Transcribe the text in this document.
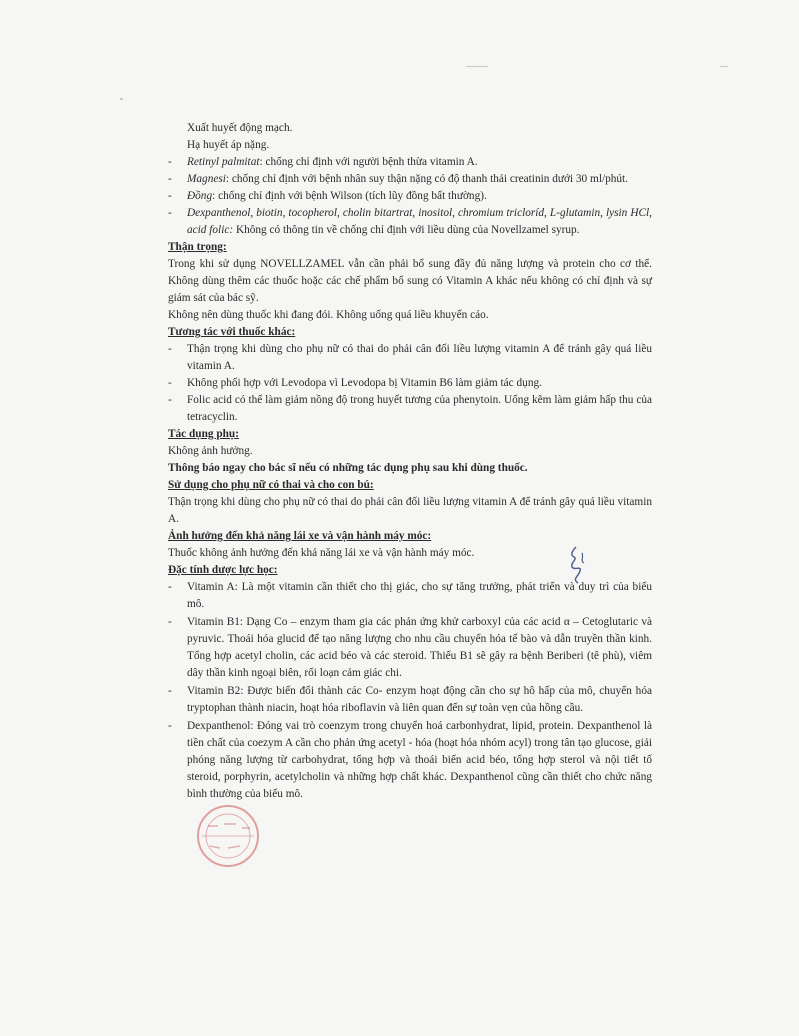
Xuất huyết động mạch.

Hạ huyết áp nặng.

- Retinyl palmitat: chống chỉ định với người bệnh thừa vitamin A.
- Magnesi: chống chỉ định với bệnh nhân suy thận nặng có độ thanh thải creatinin dưới 30 ml/phút.
- Đồng: chống chỉ định với bệnh Wilson (tích lũy đồng bất thường).
- Dexpanthenol, biotin, tocopherol, cholin bitartrat, inositol, chromium tricloríd, L-glutamin, lysin HCl, acid folic: Không có thông tin về chống chỉ định với liều dùng của Novellzamel syrup.

Thận trọng:

Trong khi sử dụng NOVELLZAMEL vẫn cần phải bổ sung đầy đủ năng lượng và protein cho cơ thể. Không dùng thêm các thuốc hoặc các chế phẩm bổ sung có Vitamin A khác nếu không có chỉ định và sự giám sát của bác sỹ.

Không nên dùng thuốc khi đang đói. Không uống quá liều khuyến cáo.

Tương tác với thuốc khác:

- Thận trọng khi dùng cho phụ nữ có thai do phải cân đối liều lượng vitamin A để tránh gây quá liều vitamin A.
- Không phối hợp với Levodopa vì Levodopa bị Vitamin B6 làm giảm tác dụng.
- Folic acid có thể làm giảm nồng độ trong huyết tương của phenytoin. Uống kẽm làm giảm hấp thu của tetracyclin.

Tác dụng phụ:

Không ảnh hưởng.

Thông báo ngay cho bác sĩ nếu có những tác dụng phụ sau khi dùng thuốc.

Sử dụng cho phụ nữ có thai và cho con bú:

Thận trọng khi dùng cho phụ nữ có thai do phải cân đối liều lượng vitamin A để tránh gây quá liều vitamin A.

Ảnh hưởng đến khả năng lái xe và vận hành máy móc:

Thuốc không ảnh hưởng đến khả năng lái xe và vận hành máy móc.

Đặc tính dược lực học:

- Vitamin A: Là một vitamin cần thiết cho thị giác, cho sự tăng trưởng, phát triển và duy trì của biểu mô.
- Vitamin B1: Dạng Co – enzym tham gia các phản ứng khử carboxyl của các acid α – Cetoglutaric và pyruvic. Thoái hóa glucid để tạo năng lượng cho nhu cầu chuyển hóa tế bào và dẫn truyền thần kinh. Tổng hợp acetyl cholin, các acid béo và các steroid. Thiếu B1 sẽ gây ra bệnh Beriberi (tê phù), viêm dây thần kinh ngoại biên, rối loạn cảm giác chi.
- Vitamin B2: Được biến đổi thành các Co- enzym hoạt động cần cho sự hô hấp của mô, chuyển hóa tryptophan thành niacin, hoạt hóa riboflavin và liên quan đến sự toàn vẹn của hồng cầu.
- Dexpanthenol: Đóng vai trò coenzym trong chuyển hoá carbonhydrat, lipid, protein. Dexpanthenol là tiền chất của coezym A cần cho phản ứng acetyl - hóa (hoạt hóa nhóm acyl) trong tân tạo glucose, giải phóng năng lượng từ carbohydrat, tổng hợp và thoái biến acid béo, tổng hợp sterol và nội tiết tố steroid, porphyrin, acetylcholin và những hợp chất khác. Dexpanthenol cũng cần thiết cho chức năng bình thường của biểu mô.
